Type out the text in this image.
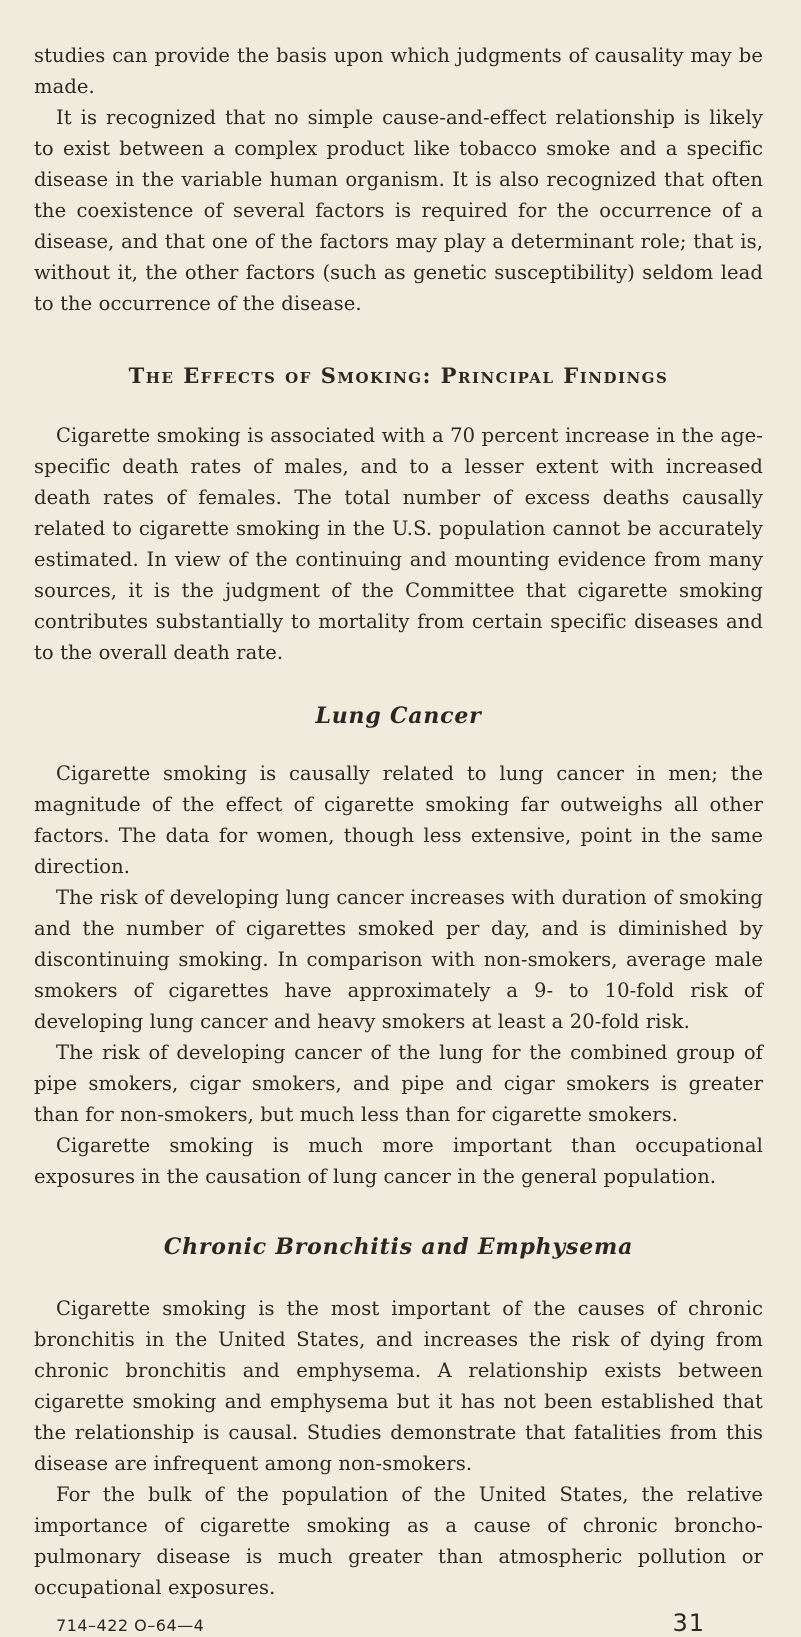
studies can provide the basis upon which judgments of causality may be made.

It is recognized that no simple cause-and-effect relationship is likely to exist between a complex product like tobacco smoke and a specific disease in the variable human organism. It is also recognized that often the coexistence of several factors is required for the occurrence of a disease, and that one of the factors may play a determinant role; that is, without it, the other factors (such as genetic susceptibility) seldom lead to the occurrence of the disease.

The Effects of Smoking: Principal Findings

Cigarette smoking is associated with a 70 percent increase in the age-specific death rates of males, and to a lesser extent with increased death rates of females. The total number of excess deaths causally related to cigarette smoking in the U.S. population cannot be accurately estimated. In view of the continuing and mounting evidence from many sources, it is the judgment of the Committee that cigarette smoking contributes substantially to mortality from certain specific diseases and to the overall death rate.

Lung Cancer

Cigarette smoking is causally related to lung cancer in men; the magnitude of the effect of cigarette smoking far outweighs all other factors. The data for women, though less extensive, point in the same direction.

The risk of developing lung cancer increases with duration of smoking and the number of cigarettes smoked per day, and is diminished by discontinuing smoking. In comparison with non-smokers, average male smokers of cigarettes have approximately a 9- to 10-fold risk of developing lung cancer and heavy smokers at least a 20-fold risk.

The risk of developing cancer of the lung for the combined group of pipe smokers, cigar smokers, and pipe and cigar smokers is greater than for non-smokers, but much less than for cigarette smokers.

Cigarette smoking is much more important than occupational exposures in the causation of lung cancer in the general population.

Chronic Bronchitis and Emphysema

Cigarette smoking is the most important of the causes of chronic bronchitis in the United States, and increases the risk of dying from chronic bronchitis and emphysema. A relationship exists between cigarette smoking and emphysema but it has not been established that the relationship is causal. Studies demonstrate that fatalities from this disease are infrequent among non-smokers.

For the bulk of the population of the United States, the relative importance of cigarette smoking as a cause of chronic broncho-pulmonary disease is much greater than atmospheric pollution or occupational exposures.

714–422 O–64—4	31
